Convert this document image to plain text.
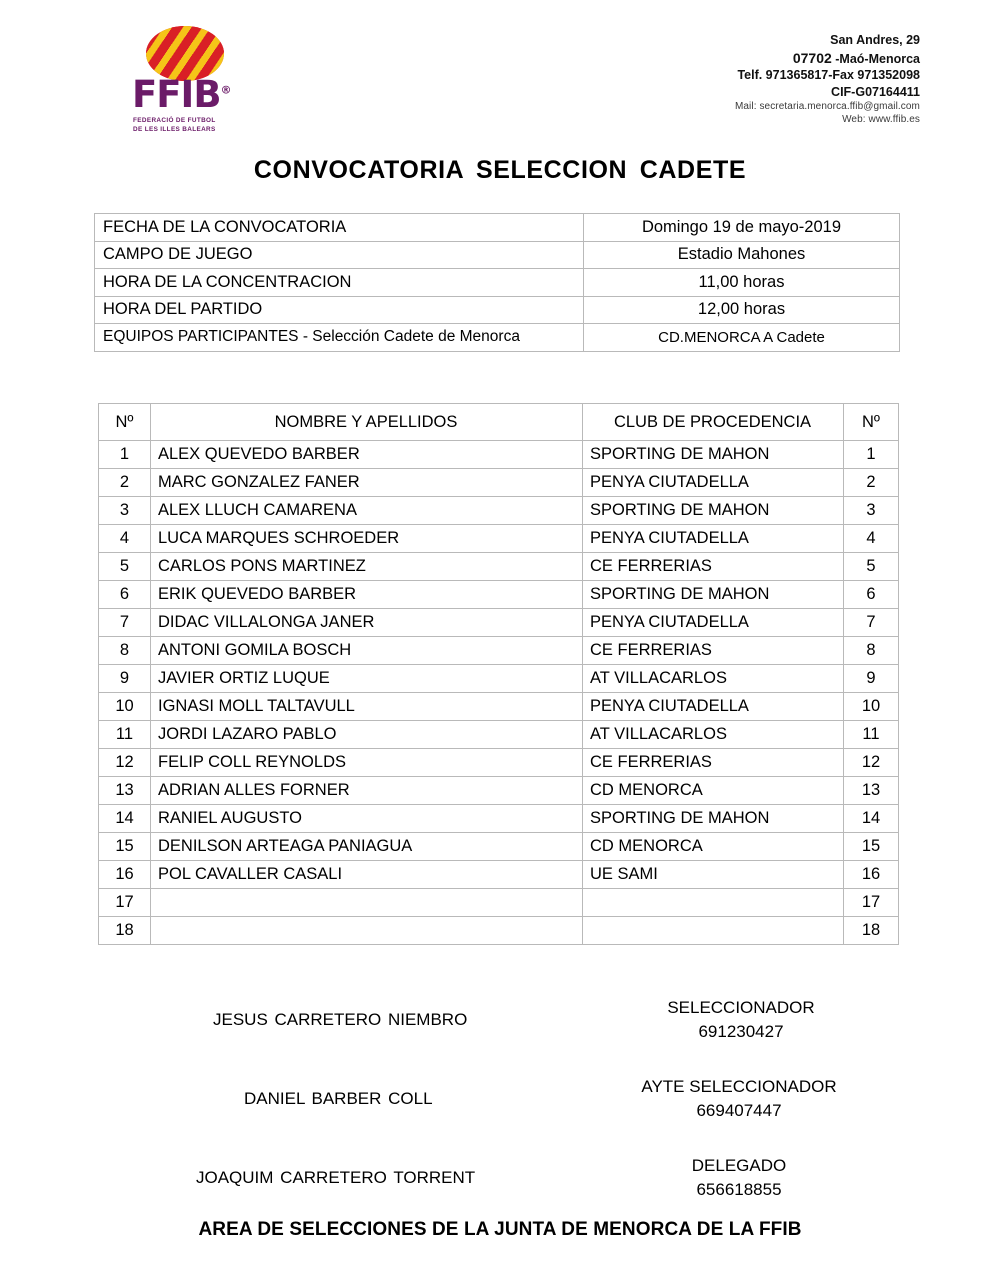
FFIB®
FEDERACIÓ DE FUTBOL
DE LES ILLES BALEARS
San Andres, 29
07702 -Maó-Menorca
Telf. 971365817-Fax 971352098
CIF-G07164411
Mail: secretaria.menorca.ffib@gmail.com
Web: www.ffib.es
CONVOCATORIA SELECCION CADETE
FECHA DE LA CONVOCATORIA	Domingo 19 de mayo-2019
CAMPO DE JUEGO	Estadio Mahones
HORA DE LA CONCENTRACION	11,00 horas
HORA DEL PARTIDO	12,00 horas
EQUIPOS PARTICIPANTES - Selección Cadete de Menorca	CD.MENORCA A Cadete
Nº	NOMBRE Y APELLIDOS	CLUB DE PROCEDENCIA	Nº
1	ALEX QUEVEDO BARBER	SPORTING DE MAHON	1
2	MARC GONZALEZ FANER	PENYA CIUTADELLA	2
3	ALEX LLUCH CAMARENA	SPORTING DE MAHON	3
4	LUCA MARQUES SCHROEDER	PENYA CIUTADELLA	4
5	CARLOS PONS MARTINEZ	CE FERRERIAS	5
6	ERIK QUEVEDO BARBER	SPORTING DE MAHON	6
7	DIDAC VILLALONGA JANER	PENYA CIUTADELLA	7
8	ANTONI GOMILA BOSCH	CE FERRERIAS	8
9	JAVIER ORTIZ LUQUE	AT VILLACARLOS	9
10	IGNASI MOLL TALTAVULL	PENYA CIUTADELLA	10
11	JORDI LAZARO PABLO	AT VILLACARLOS	11
12	FELIP COLL REYNOLDS	CE FERRERIAS	12
13	ADRIAN ALLES FORNER	CD MENORCA	13
14	RANIEL AUGUSTO	SPORTING DE MAHON	14
15	DENILSON ARTEAGA PANIAGUA	CD MENORCA	15
16	POL CAVALLER CASALI	UE SAMI	16
17			17
18			18
JESUS CARRETERO NIEMBRO
SELECCIONADOR
691230427
DANIEL BARBER COLL
AYTE SELECCIONADOR
669407447
JOAQUIM CARRETERO TORRENT
DELEGADO
656618855
AREA DE SELECCIONES DE LA JUNTA DE MENORCA DE LA FFIB
